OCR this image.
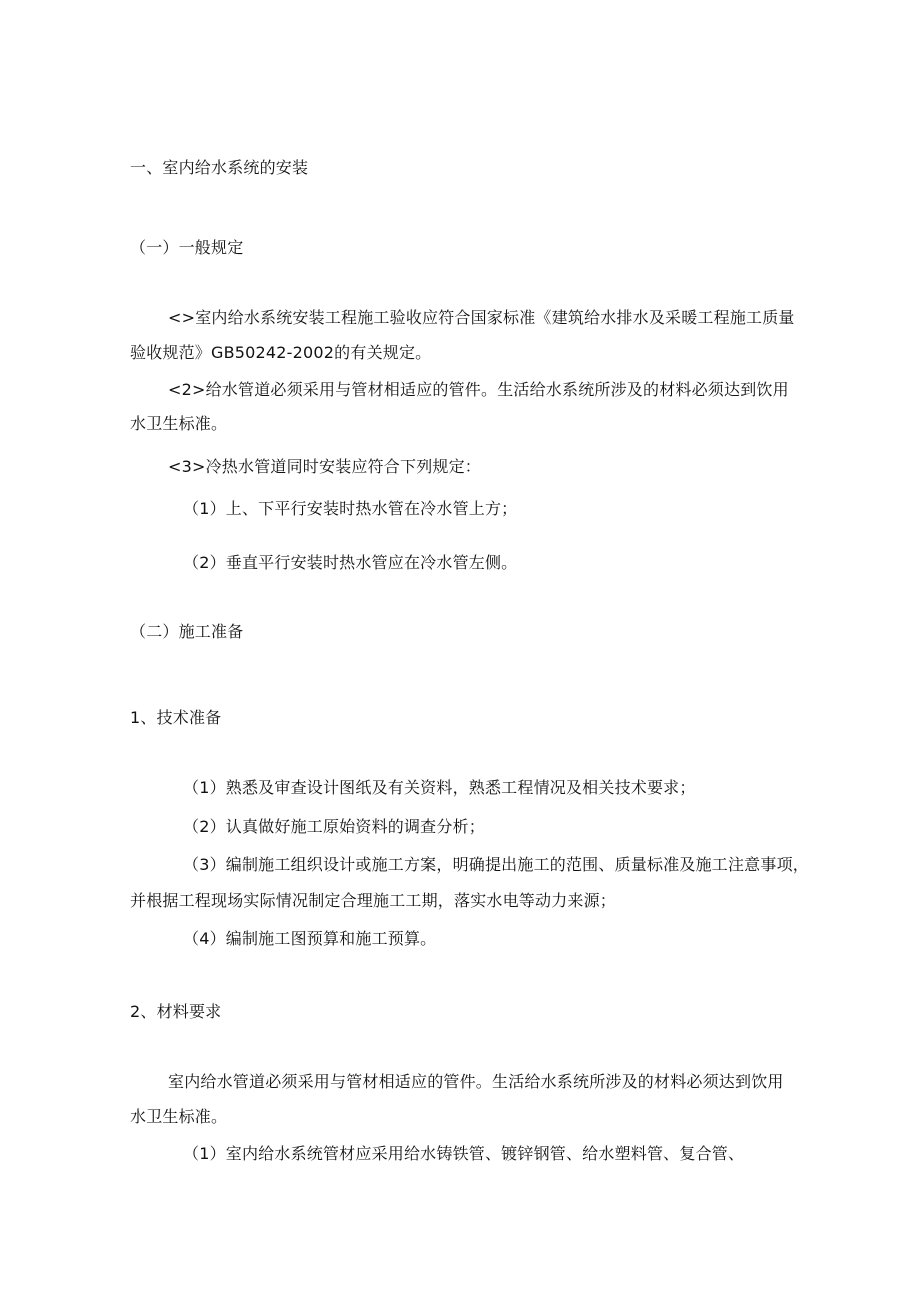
一、室内给水系统的安装
（一）一般规定
<>室内给水系统安装工程施工验收应符合国家标准《建筑给水排水及采暖工程施工质量
验收规范》GB50242-2002的有关规定。
<2>给水管道必须采用与管材相适应的管件。生活给水系统所涉及的材料必须达到饮用
水卫生标准。
<3>冷热水管道同时安装应符合下列规定：
（1）上、下平行安装时热水管在冷水管上方；
（2）垂直平行安装时热水管应在冷水管左侧。
（二）施工准备
1、技术准备
（1）熟悉及审查设计图纸及有关资料，熟悉工程情况及相关技术要求；
（2）认真做好施工原始资料的调查分析；
（3）编制施工组织设计或施工方案，明确提出施工的范围、质量标准及施工注意事项，
并根据工程现场实际情况制定合理施工工期，落实水电等动力来源；
（4）编制施工图预算和施工预算。
2、材料要求
室内给水管道必须采用与管材相适应的管件。生活给水系统所涉及的材料必须达到饮用
水卫生标准。
（1）室内给水系统管材应采用给水铸铁管、镀锌钢管、给水塑料管、复合管、
